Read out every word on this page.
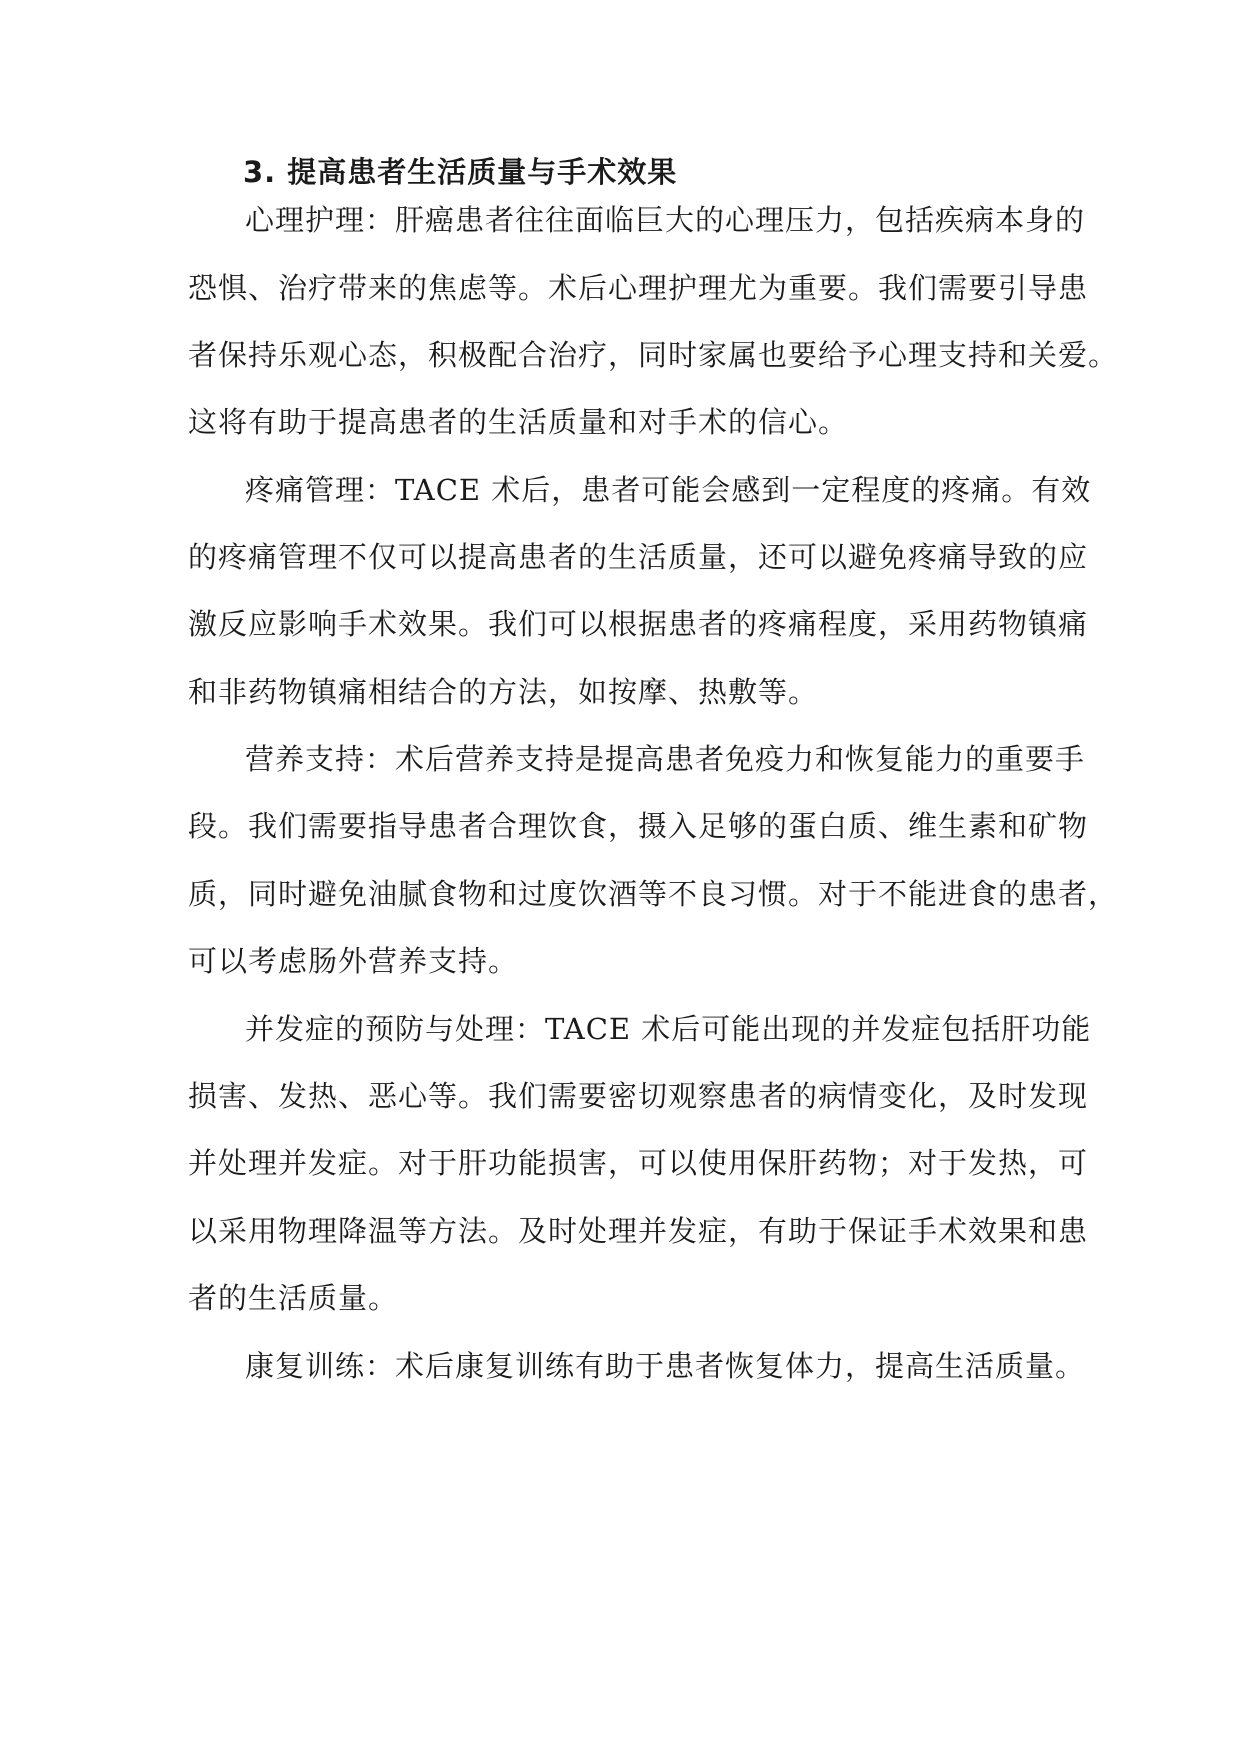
3. 提高患者生活质量与手术效果
心理护理：肝癌患者往往面临巨大的心理压力，包括疾病本身的
恐惧、治疗带来的焦虑等。术后心理护理尤为重要。我们需要引导患
者保持乐观心态，积极配合治疗，同时家属也要给予心理支持和关爱。
这将有助于提高患者的生活质量和对手术的信心。
疼痛管理：TACE 术后，患者可能会感到一定程度的疼痛。有效
的疼痛管理不仅可以提高患者的生活质量，还可以避免疼痛导致的应
激反应影响手术效果。我们可以根据患者的疼痛程度，采用药物镇痛
和非药物镇痛相结合的方法，如按摩、热敷等。
营养支持：术后营养支持是提高患者免疫力和恢复能力的重要手
段。我们需要指导患者合理饮食，摄入足够的蛋白质、维生素和矿物
质，同时避免油腻食物和过度饮酒等不良习惯。对于不能进食的患者，
可以考虑肠外营养支持。
并发症的预防与处理：TACE 术后可能出现的并发症包括肝功能
损害、发热、恶心等。我们需要密切观察患者的病情变化，及时发现
并处理并发症。对于肝功能损害，可以使用保肝药物；对于发热，可
以采用物理降温等方法。及时处理并发症，有助于保证手术效果和患
者的生活质量。
康复训练：术后康复训练有助于患者恢复体力，提高生活质量。
